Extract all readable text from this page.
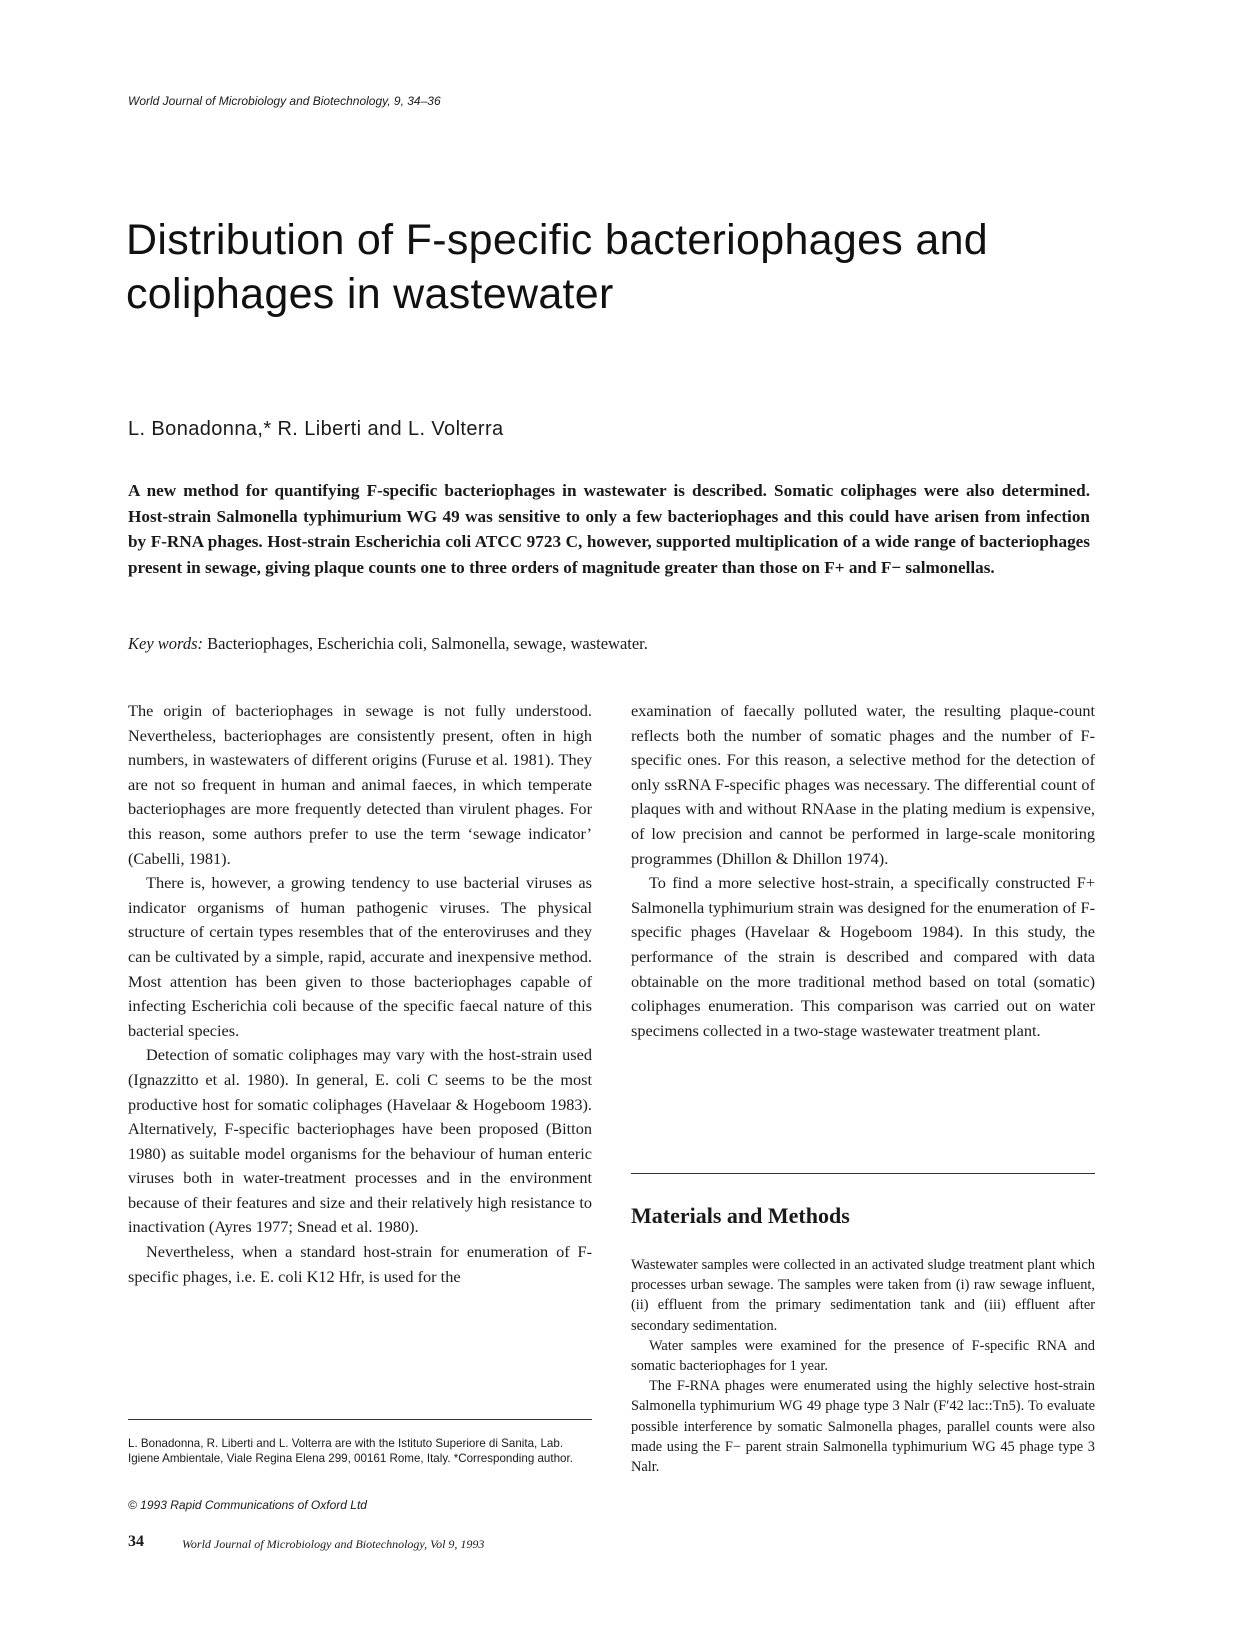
World Journal of Microbiology and Biotechnology, 9, 34–36
Distribution of F-specific bacteriophages and coliphages in wastewater
L. Bonadonna,* R. Liberti and L. Volterra

A new method for quantifying F-specific bacteriophages in wastewater is described. Somatic coliphages were also determined. Host-strain Salmonella typhimurium WG 49 was sensitive to only a few bacteriophages and this could have arisen from infection by F-RNA phages. Host-strain Escherichia coli ATCC 9723 C, however, supported multiplication of a wide range of bacteriophages present in sewage, giving plaque counts one to three orders of magnitude greater than those on F+ and F− salmonellas.

Key words: Bacteriophages, Escherichia coli, Salmonella, sewage, wastewater.

The origin of bacteriophages in sewage is not fully understood. Nevertheless, bacteriophages are consistently present, often in high numbers, in wastewaters of different origins (Furuse et al. 1981). They are not so frequent in human and animal faeces, in which temperate bacteriophages are more frequently detected than virulent phages. For this reason, some authors prefer to use the term ‘sewage indicator’ (Cabelli, 1981).

There is, however, a growing tendency to use bacterial viruses as indicator organisms of human pathogenic viruses. The physical structure of certain types resembles that of the enteroviruses and they can be cultivated by a simple, rapid, accurate and inexpensive method. Most attention has been given to those bacteriophages capable of infecting Escherichia coli because of the specific faecal nature of this bacterial species.

Detection of somatic coliphages may vary with the host-strain used (Ignazzitto et al. 1980). In general, E. coli C seems to be the most productive host for somatic coliphages (Havelaar & Hogeboom 1983). Alternatively, F-specific bacteriophages have been proposed (Bitton 1980) as suitable model organisms for the behaviour of human enteric viruses both in water-treatment processes and in the environment because of their features and size and their relatively high resistance to inactivation (Ayres 1977; Snead et al. 1980).

Nevertheless, when a standard host-strain for enumeration of F-specific phages, i.e. E. coli K12 Hfr, is used for the

examination of faecally polluted water, the resulting plaque-count reflects both the number of somatic phages and the number of F-specific ones. For this reason, a selective method for the detection of only ssRNA F-specific phages was necessary. The differential count of plaques with and without RNAase in the plating medium is expensive, of low precision and cannot be performed in large-scale monitoring programmes (Dhillon & Dhillon 1974).

To find a more selective host-strain, a specifically constructed F+ Salmonella typhimurium strain was designed for the enumeration of F-specific phages (Havelaar & Hogeboom 1984). In this study, the performance of the strain is described and compared with data obtainable on the more traditional method based on total (somatic) coliphages enumeration. This comparison was carried out on water specimens collected in a two-stage wastewater treatment plant.

Materials and Methods

Wastewater samples were collected in an activated sludge treatment plant which processes urban sewage. The samples were taken from (i) raw sewage influent, (ii) effluent from the primary sedimentation tank and (iii) effluent after secondary sedimentation.

Water samples were examined for the presence of F-specific RNA and somatic bacteriophages for 1 year.

The F-RNA phages were enumerated using the highly selective host-strain Salmonella typhimurium WG 49 phage type 3 Nalr (F′42 lac::Tn5). To evaluate possible interference by somatic Salmonella phages, parallel counts were also made using the F− parent strain Salmonella typhimurium WG 45 phage type 3 Nalr.

L. Bonadonna, R. Liberti and L. Volterra are with the Istituto Superiore di Sanita, Lab. Igiene Ambientale, Viale Regina Elena 299, 00161 Rome, Italy. *Corresponding author.
© 1993 Rapid Communications of Oxford Ltd
34	World Journal of Microbiology and Biotechnology, Vol 9, 1993
